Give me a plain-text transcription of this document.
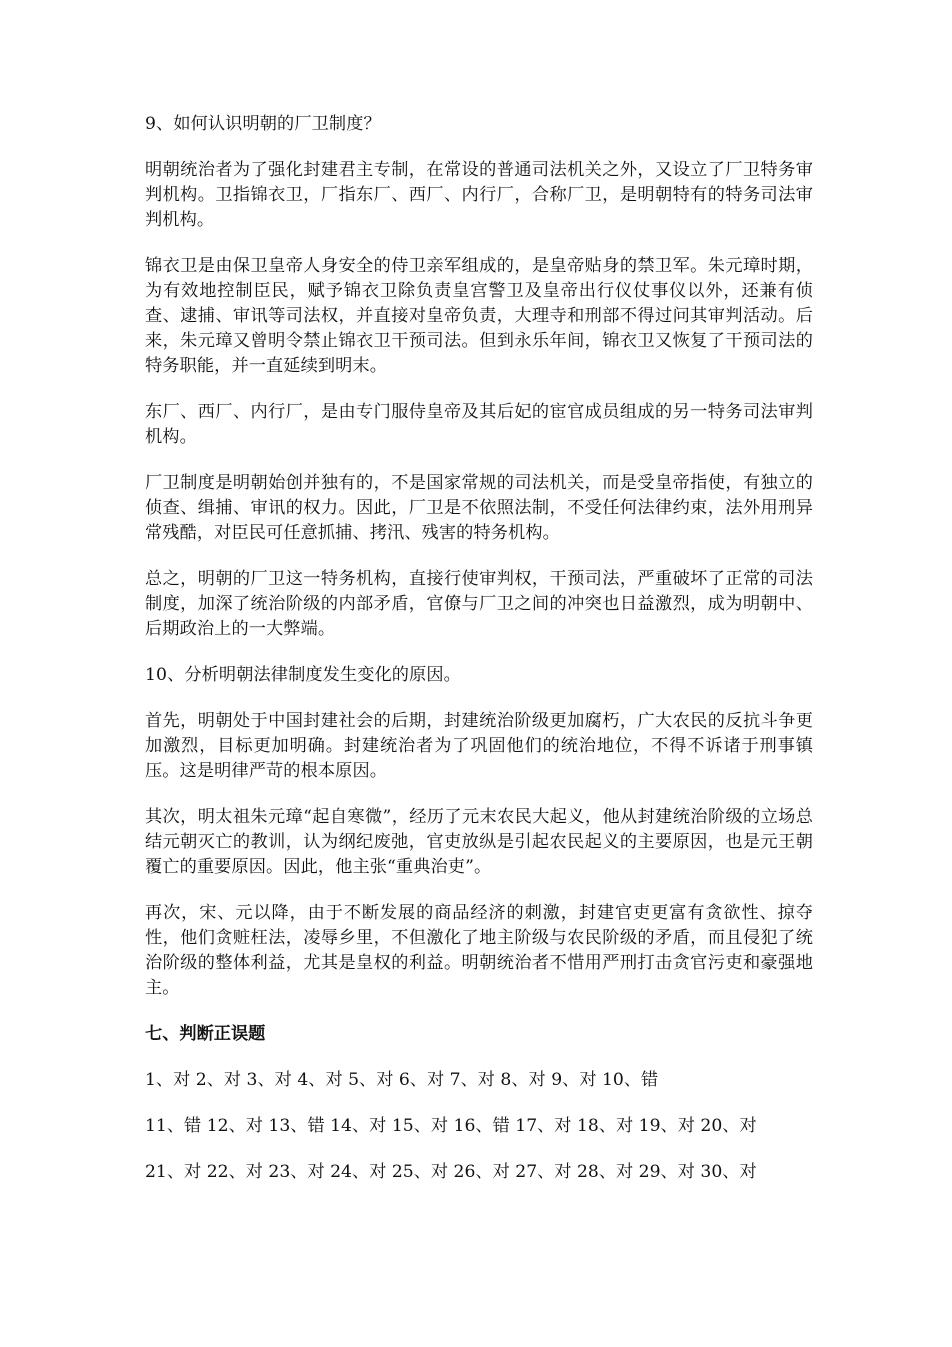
9、如何认识明朝的厂卫制度？

明朝统治者为了强化封建君主专制，在常设的普通司法机关之外，又设立了厂卫特务审判机构。卫指锦衣卫，厂指东厂、西厂、内行厂，合称厂卫，是明朝特有的特务司法审判机构。

锦衣卫是由保卫皇帝人身安全的侍卫亲军组成的，是皇帝贴身的禁卫军。朱元璋时期，为有效地控制臣民，赋予锦衣卫除负责皇宫警卫及皇帝出行仪仗事仪以外，还兼有侦查、逮捕、审讯等司法权，并直接对皇帝负责，大理寺和刑部不得过问其审判活动。后来，朱元璋又曾明令禁止锦衣卫干预司法。但到永乐年间，锦衣卫又恢复了干预司法的特务职能，并一直延续到明末。

东厂、西厂、内行厂，是由专门服侍皇帝及其后妃的宦官成员组成的另一特务司法审判机构。

厂卫制度是明朝始创并独有的，不是国家常规的司法机关，而是受皇帝指使，有独立的侦查、缉捕、审讯的权力。因此，厂卫是不依照法制，不受任何法律约束，法外用刑异常残酷，对臣民可任意抓捕、拷汛、残害的特务机构。

总之，明朝的厂卫这一特务机构，直接行使审判权，干预司法，严重破坏了正常的司法制度，加深了统治阶级的内部矛盾，官僚与厂卫之间的冲突也日益激烈，成为明朝中、后期政治上的一大弊端。

10、分析明朝法律制度发生变化的原因。

首先，明朝处于中国封建社会的后期，封建统治阶级更加腐朽，广大农民的反抗斗争更加激烈，目标更加明确。封建统治者为了巩固他们的统治地位，不得不诉诸于刑事镇压。这是明律严苛的根本原因。

其次，明太祖朱元璋“起自寒微”，经历了元末农民大起义，他从封建统治阶级的立场总结元朝灭亡的教训，认为纲纪废弛，官吏放纵是引起农民起义的主要原因，也是元王朝覆亡的重要原因。因此，他主张“重典治吏”。

再次，宋、元以降，由于不断发展的商品经济的刺激，封建官吏更富有贪欲性、掠夺性，他们贪赃枉法，凌辱乡里，不但激化了地主阶级与农民阶级的矛盾，而且侵犯了统治阶级的整体利益，尤其是皇权的利益。明朝统治者不惜用严刑打击贪官污吏和豪强地主。

七、判断正误题

1、对 2、对 3、对 4、对 5、对 6、对 7、对 8、对 9、对 10、错

11、错 12、对 13、错 14、对 15、对 16、错 17、对 18、对 19、对 20、对

21、对 22、对 23、对 24、对 25、对 26、对 27、对 28、对 29、对 30、对
